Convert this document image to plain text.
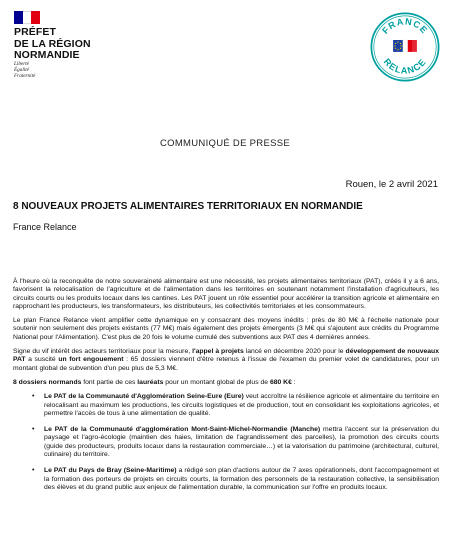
PRÉFET
DE LA RÉGION
NORMANDIE
Liberté
Égalité
Fraternité
FRANCE
RELANCE
COMMUNIQUÉ DE PRESSE
Rouen, le 2 avril 2021
8 NOUVEAUX PROJETS ALIMENTAIRES TERRITORIAUX EN NORMANDIE
France Relance

À l'heure où la reconquête de notre souveraineté alimentaire est une nécessité, les projets alimentaires territoriaux (PAT), créés il y a 6 ans, favorisent la relocalisation de l'agriculture et de l'alimentation dans les territoires en soutenant notamment l'installation d'agriculteurs, les circuits courts ou les produits locaux dans les cantines. Les PAT jouent un rôle essentiel pour accélérer la transition agricole et alimentaire en rapprochant les producteurs, les transformateurs, les distributeurs, les collectivités territoriales et les consommateurs.

Le plan France Relance vient amplifier cette dynamique en y consacrant des moyens inédits : près de 80 M€ à l'échelle nationale pour soutenir non seulement des projets existants (77 M€) mais également des projets émergents (3 M€ qui s'ajoutent aux crédits du Programme National pour l'Alimentation). C'est plus de 20 fois le volume cumulé des subventions aux PAT des 4 dernières années.

Signe du vif intérêt des acteurs territoriaux pour la mesure, l'appel à projets lancé en décembre 2020 pour le développement de nouveaux PAT a suscité un fort engouement : 65 dossiers viennent d'être retenus à l'issue de l'examen du premier volet de candidatures, pour un montant global de subvention d'un peu plus de 5,3 M€.

8 dossiers normands font partie de ces lauréats pour un montant global de plus de 680 K€ :

• Le PAT de la Communauté d'Agglomération Seine-Eure (Eure) veut accroître la résilience agricole et alimentaire du territoire en relocalisant au maximum les productions, les circuits logistiques et de production, tout en consolidant les exploitations agricoles, et permettre l'accès de tous à une alimentation de qualité.
• Le PAT de la Communauté d'agglomération Mont-Saint-Michel-Normandie (Manche) mettra l'accent sur la préservation du paysage et l'agro-écologie (maintien des haies, limitation de l'agrandissement des parcelles), la promotion des circuits courts (guide des producteurs, produits locaux dans la restauration commerciale…) et la valorisation du patrimoine (architectural, culturel, culinaire) du territoire.
• Le PAT du Pays de Bray (Seine-Maritime) a rédigé son plan d'actions autour de 7 axes opérationnels, dont l'accompagnement et la formation des porteurs de projets en circuits courts, la formation des personnels de la restauration collective, la sensibilisation des élèves et du grand public aux enjeux de l'alimentation durable, la communication sur l'offre en produits locaux.
